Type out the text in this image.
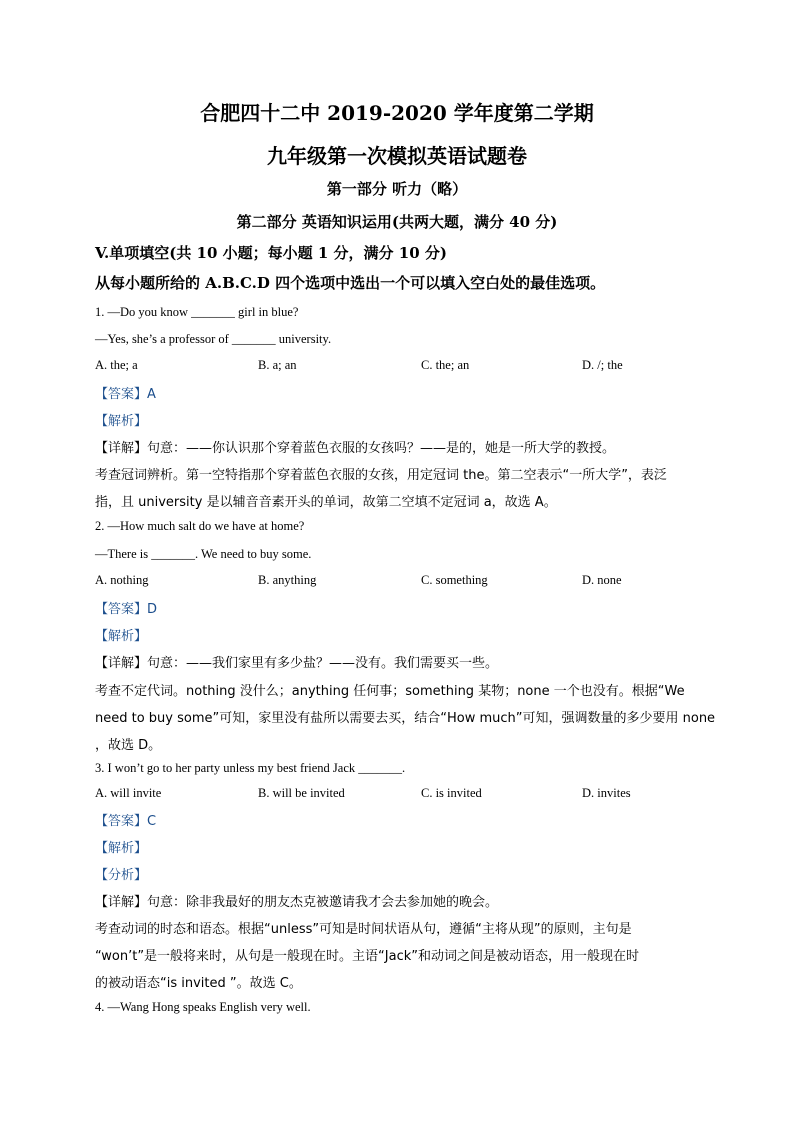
合肥四十二中 2019-2020 学年度第二学期
九年级第一次模拟英语试题卷
第一部分 听力（略）
第二部分 英语知识运用(共两大题，满分 40 分)
V.单项填空(共 10 小题；每小题 1 分，满分 10 分)
从每小题所给的 A.B.C.D 四个选项中选出一个可以填入空白处的最佳选项。
1. —Do you know _______ girl in blue?
—Yes, she’s a professor of _______ university.
A. the; a	B. a; an	C. the; an	D. /; the
【答案】A
【解析】
【详解】句意：——你认识那个穿着蓝色衣服的女孩吗？——是的，她是一所大学的教授。
考查冠词辨析。第一空特指那个穿着蓝色衣服的女孩，用定冠词 the。第二空表示“一所大学”，表泛
指，且 university 是以辅音音素开头的单词，故第二空填不定冠词 a，故选 A。
2. —How much salt do we have at home?
—There is _______. We need to buy some.
A. nothing	B. anything	C. something	D. none
【答案】D
【解析】
【详解】句意：——我们家里有多少盐？——没有。我们需要买一些。
考查不定代词。nothing 没什么；anything 任何事；something 某物；none 一个也没有。根据“We
need to buy some”可知，家里没有盐所以需要去买，结合“How much”可知，强调数量的多少要用 none
，故选 D。
3. I won’t go to her party unless my best friend Jack _______.
A. will invite	B. will be invited	C. is invited	D. invites
【答案】C
【解析】
【分析】
【详解】句意：除非我最好的朋友杰克被邀请我才会去参加她的晚会。
考查动词的时态和语态。根据“unless”可知是时间状语从句，遵循“主将从现”的原则，主句是
“won’t”是一般将来时，从句是一般现在时。主语“Jack”和动词之间是被动语态，用一般现在时
的被动语态“is invited ”。故选 C。
4. —Wang Hong speaks English very well.
